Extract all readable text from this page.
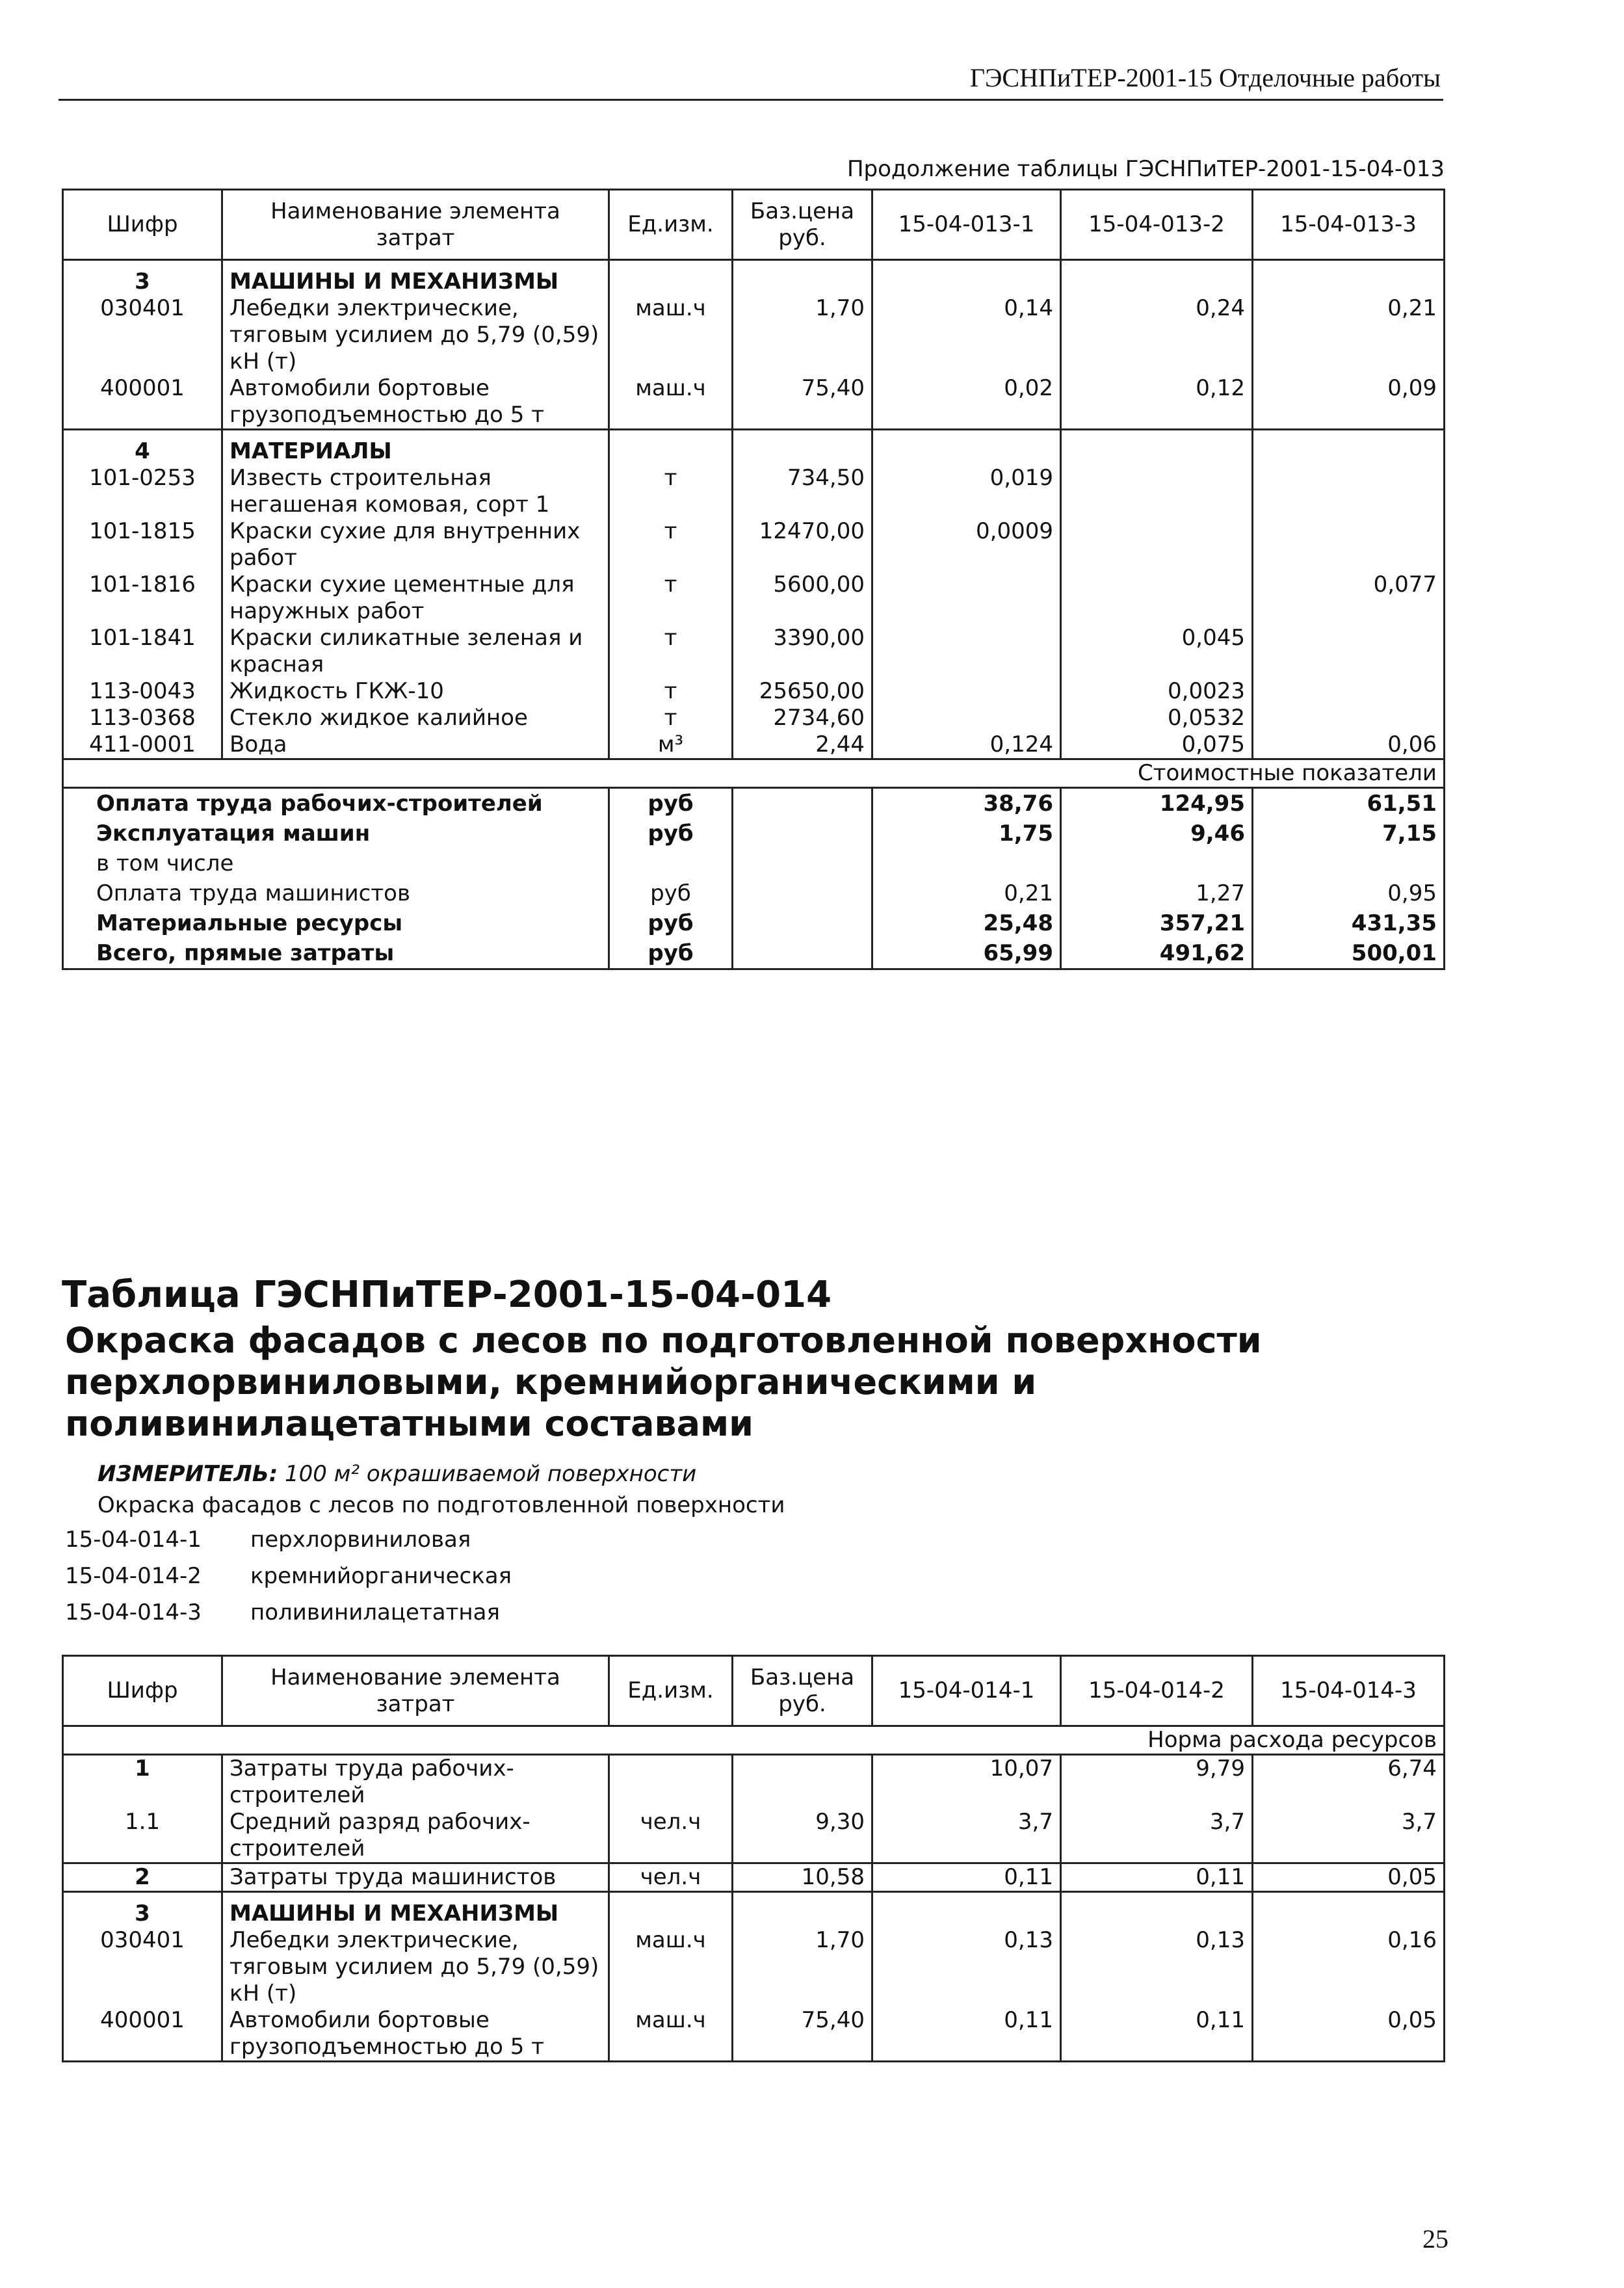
ГЭСНПиТЕР-2001-15 Отделочные работы
Продолжение таблицы ГЭСНПиТЕР-2001-15-04-013
Шифр	Наименование элемента затрат	Ед.изм.	Баз.цена руб.	15-04-013-1	15-04-013-2	15-04-013-3
3	МАШИНЫ И МЕХАНИЗМЫ					
030401	Лебедки электрические, тяговым усилием до 5,79 (0,59) кН (т)	маш.ч	1,70	0,14	0,24	0,21
400001	Автомобили бортовые грузоподъемностью до 5 т	маш.ч	75,40	0,02	0,12	0,09
4	МАТЕРИАЛЫ					
101-0253	Известь строительная негашеная комовая, сорт 1	т	734,50	0,019		
101-1815	Краски сухие для внутренних работ	т	12470,00	0,0009		
101-1816	Краски сухие цементные для наружных работ	т	5600,00			0,077
101-1841	Краски силикатные зеленая и красная	т	3390,00		0,045	
113-0043	Жидкость ГКЖ-10	т	25650,00		0,0023	
113-0368	Стекло жидкое калийное	т	2734,60		0,0532	
411-0001	Вода	м³	2,44	0,124	0,075	0,06
Стоимостные показатели						
Оплата труда рабочих-строителей		руб		38,76	124,95	61,51
Эксплуатация машин		руб		1,75	9,46	7,15
в том числе						
Оплата труда машинистов		руб		0,21	1,27	0,95
Материальные ресурсы		руб		25,48	357,21	431,35
Всего, прямые затраты		руб		65,99	491,62	500,01
Таблица ГЭСНПиТЕР-2001-15-04-014
Окраска фасадов с лесов по подготовленной поверхности перхлорвиниловыми, кремнийорганическими и поливинилацетатными составами
ИЗМЕРИТЕЛЬ: 100 м² окрашиваемой поверхности
Окраска фасадов с лесов по подготовленной поверхности
15-04-014-1 перхлорвиниловая
15-04-014-2 кремнийорганическая
15-04-014-3 поливинилацетатная
Шифр	Наименование элемента затрат	Ед.изм.	Баз.цена руб.	15-04-014-1	15-04-014-2	15-04-014-3
Норма расхода ресурсов						
1	Затраты труда рабочих-строителей			10,07	9,79	6,74
1.1	Средний разряд рабочих-строителей	чел.ч	9,30	3,7	3,7	3,7
2	Затраты труда машинистов	чел.ч	10,58	0,11	0,11	0,05
3	МАШИНЫ И МЕХАНИЗМЫ					
030401	Лебедки электрические, тяговым усилием до 5,79 (0,59) кН (т)	маш.ч	1,70	0,13	0,13	0,16
400001	Автомобили бортовые грузоподъемностью до 5 т	маш.ч	75,40	0,11	0,11	0,05
25
